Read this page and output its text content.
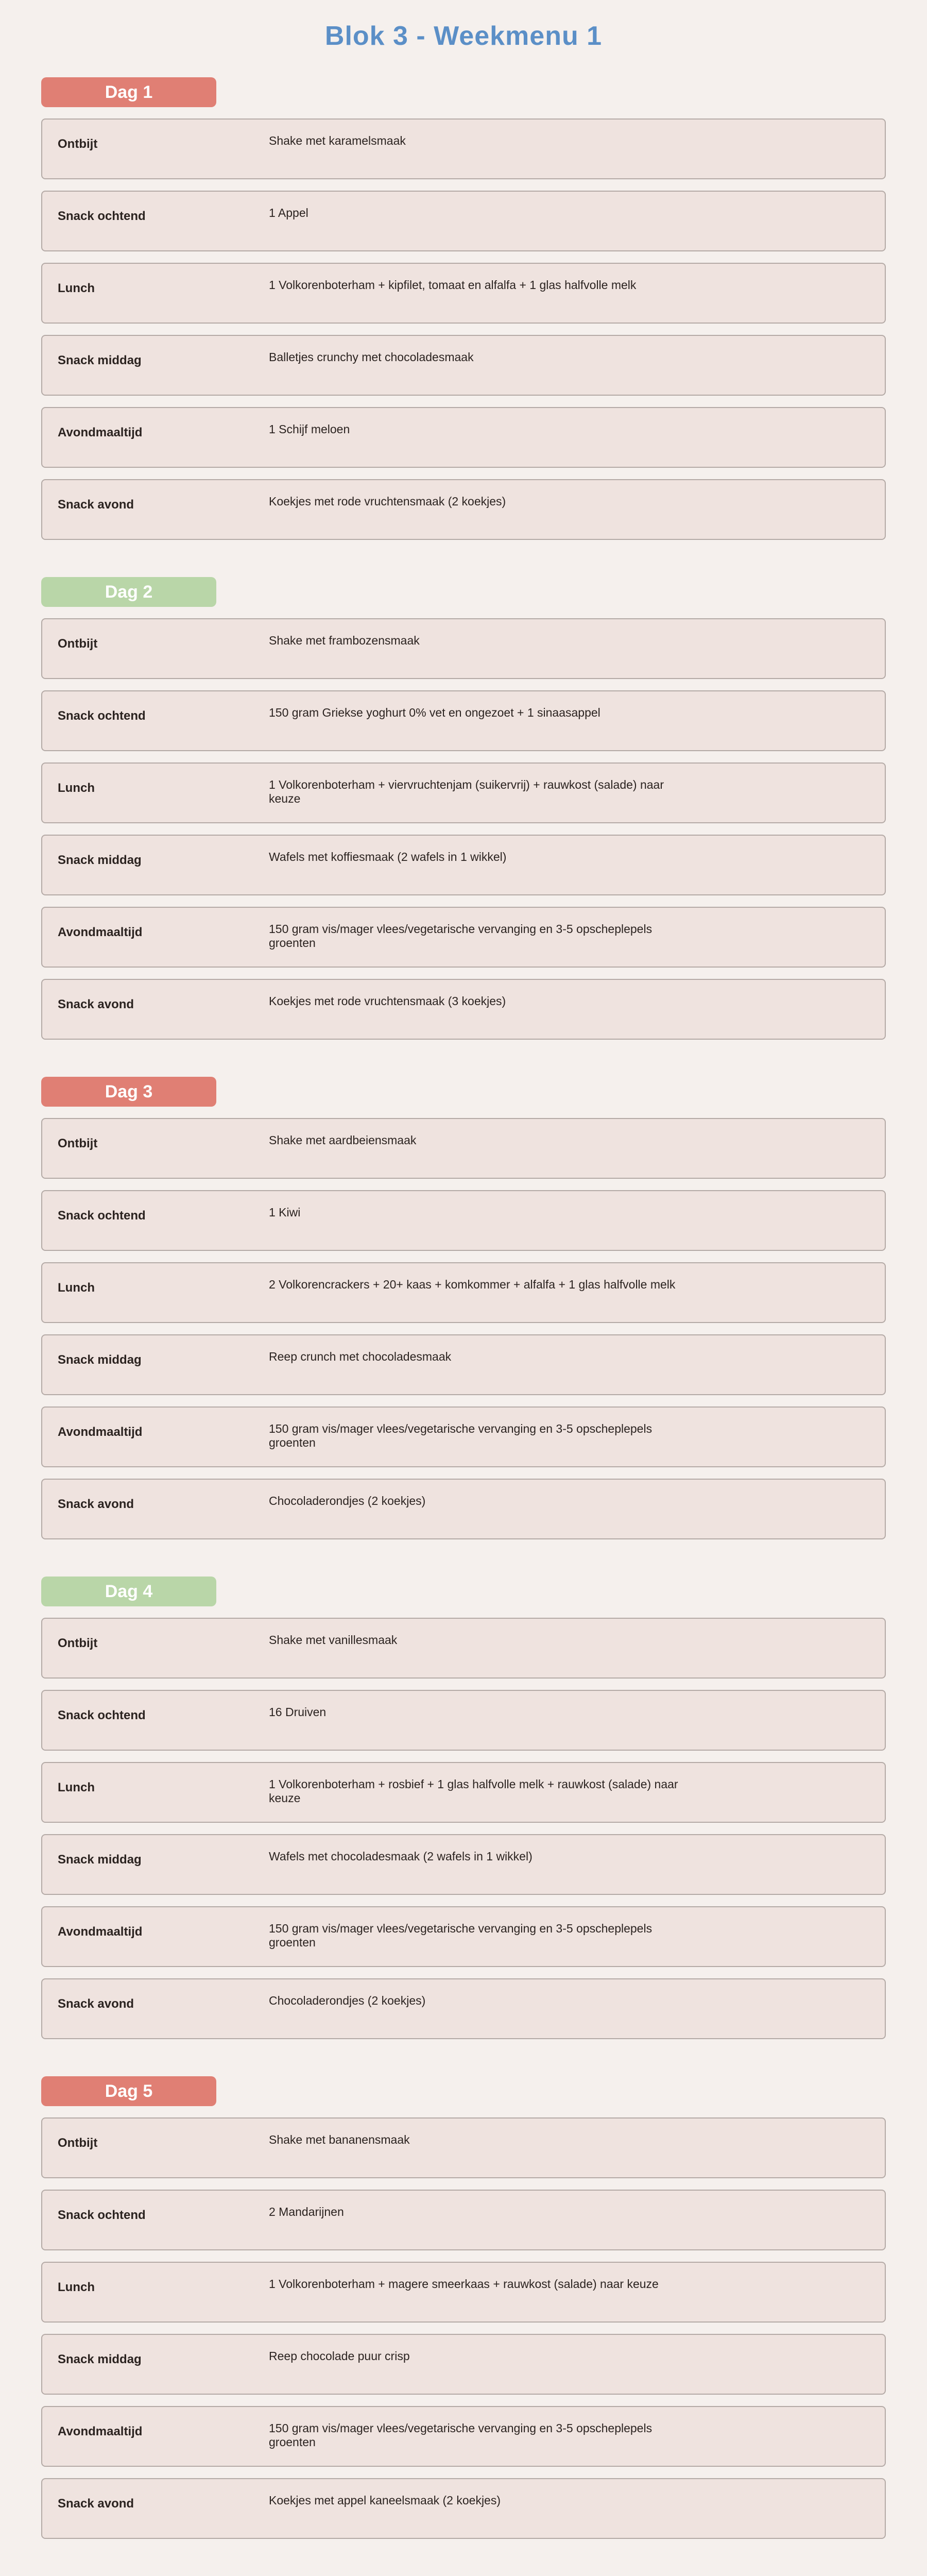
Blok 3 - Weekmenu 1
Dag 1
Ontbijt	Shake met karamelsmaak
Snack ochtend	1 Appel
Lunch	1 Volkorenboterham + kipfilet, tomaat en alfalfa + 1 glas halfvolle melk
Snack middag	Balletjes crunchy met chocoladesmaak
Avondmaaltijd	1 Schijf meloen
Snack avond	Koekjes met rode vruchtensmaak (2 koekjes)
Dag 2
Ontbijt	Shake met frambozensmaak
Snack ochtend	150 gram Griekse yoghurt 0% vet en ongezoet + 1 sinaasappel
Lunch	1 Volkorenboterham + viervruchtenjam (suikervrij) + rauwkost (salade) naar keuze
Snack middag	Wafels met koffiesmaak (2 wafels in 1 wikkel)
Avondmaaltijd	150 gram vis/mager vlees/vegetarische vervanging en 3-5 opscheplepels groenten
Snack avond	Koekjes met rode vruchtensmaak (3 koekjes)
Dag 3
Ontbijt	Shake met aardbeiensmaak
Snack ochtend	1 Kiwi
Lunch	2 Volkorencrackers + 20+ kaas + komkommer + alfalfa + 1 glas halfvolle melk
Snack middag	Reep crunch met chocoladesmaak
Avondmaaltijd	150 gram vis/mager vlees/vegetarische vervanging en 3-5 opscheplepels groenten
Snack avond	Chocoladerondjes (2 koekjes)
Dag 4
Ontbijt	Shake met vanillesmaak
Snack ochtend	16 Druiven
Lunch	1 Volkorenboterham + rosbief + 1 glas halfvolle melk + rauwkost (salade) naar keuze
Snack middag	Wafels met chocoladesmaak (2 wafels in 1 wikkel)
Avondmaaltijd	150 gram vis/mager vlees/vegetarische vervanging en 3-5 opscheplepels groenten
Snack avond	Chocoladerondjes (2 koekjes)
Dag 5
Ontbijt	Shake met bananensmaak
Snack ochtend	2 Mandarijnen
Lunch	1 Volkorenboterham + magere smeerkaas + rauwkost (salade) naar keuze
Snack middag	Reep chocolade puur crisp
Avondmaaltijd	150 gram vis/mager vlees/vegetarische vervanging en 3-5 opscheplepels groenten
Snack avond	Koekjes met appel kaneelsmaak (2 koekjes)
